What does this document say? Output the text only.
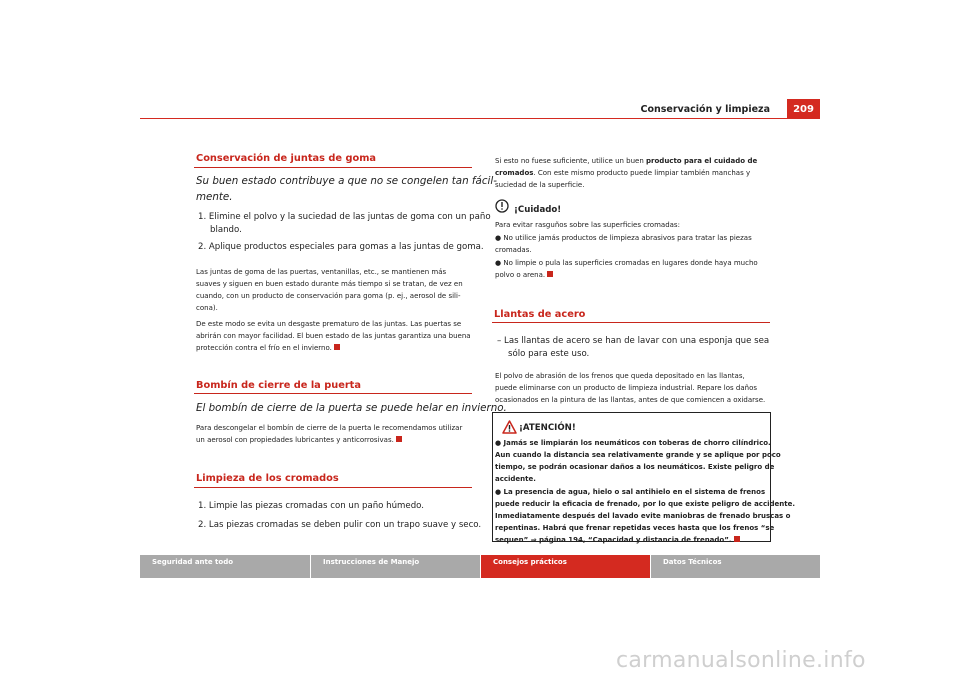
Conservación y limpieza	209
Conservación de juntas de goma
Su buen estado contribuye a que no se congelen tan fácil-
mente.
1. Elimine el polvo y la suciedad de las juntas de goma con un paño
blando.
2. Aplique productos especiales para gomas a las juntas de goma.
Las juntas de goma de las puertas, ventanillas, etc., se mantienen más
suaves y siguen en buen estado durante más tiempo si se tratan, de vez en
cuando, con un producto de conservación para goma (p. ej., aerosol de sili-
cona).
De este modo se evita un desgaste prematuro de las juntas. Las puertas se
abrirán con mayor facilidad. El buen estado de las juntas garantiza una buena
protección contra el frío en el invierno.
Bombín de cierre de la puerta
El bombín de cierre de la puerta se puede helar en invierno.
Para descongelar el bombín de cierre de la puerta le recomendamos utilizar
un aerosol con propiedades lubricantes y anticorrosivas.
Limpieza de los cromados
1. Limpie las piezas cromadas con un paño húmedo.
2. Las piezas cromadas se deben pulir con un trapo suave y seco.
Si esto no fuese suficiente, utilice un buen producto para el cuidado de
cromados. Con este mismo producto puede limpiar también manchas y
suciedad de la superficie.
¡Cuidado!
Para evitar rasguños sobre las superficies cromadas:
● No utilice jamás productos de limpieza abrasivos para tratar las piezas
cromadas.
● No limpie o pula las superficies cromadas en lugares donde haya mucho
polvo o arena.
Llantas de acero
– Las llantas de acero se han de lavar con una esponja que sea
sólo para este uso.
El polvo de abrasión de los frenos que queda depositado en las llantas,
puede eliminarse con un producto de limpieza industrial. Repare los daños
ocasionados en la pintura de las llantas, antes de que comiencen a oxidarse.
¡ATENCIÓN!
● Jamás se limpiarán los neumáticos con toberas de chorro cilíndrico.
Aun cuando la distancia sea relativamente grande y se aplique por poco
tiempo, se podrán ocasionar daños a los neumáticos. Existe peligro de
accidente.
● La presencia de agua, hielo o sal antihielo en el sistema de frenos
puede reducir la eficacia de frenado, por lo que existe peligro de accidente.
Inmediatamente después del lavado evite maniobras de frenado bruscas o
repentinas. Habrá que frenar repetidas veces hasta que los frenos “se
sequen” ⇒ página 194, “Capacidad y distancia de frenado”.
Seguridad ante todo	Instrucciones de Manejo	Consejos prácticos	Datos Técnicos
carmanualsonline.info
